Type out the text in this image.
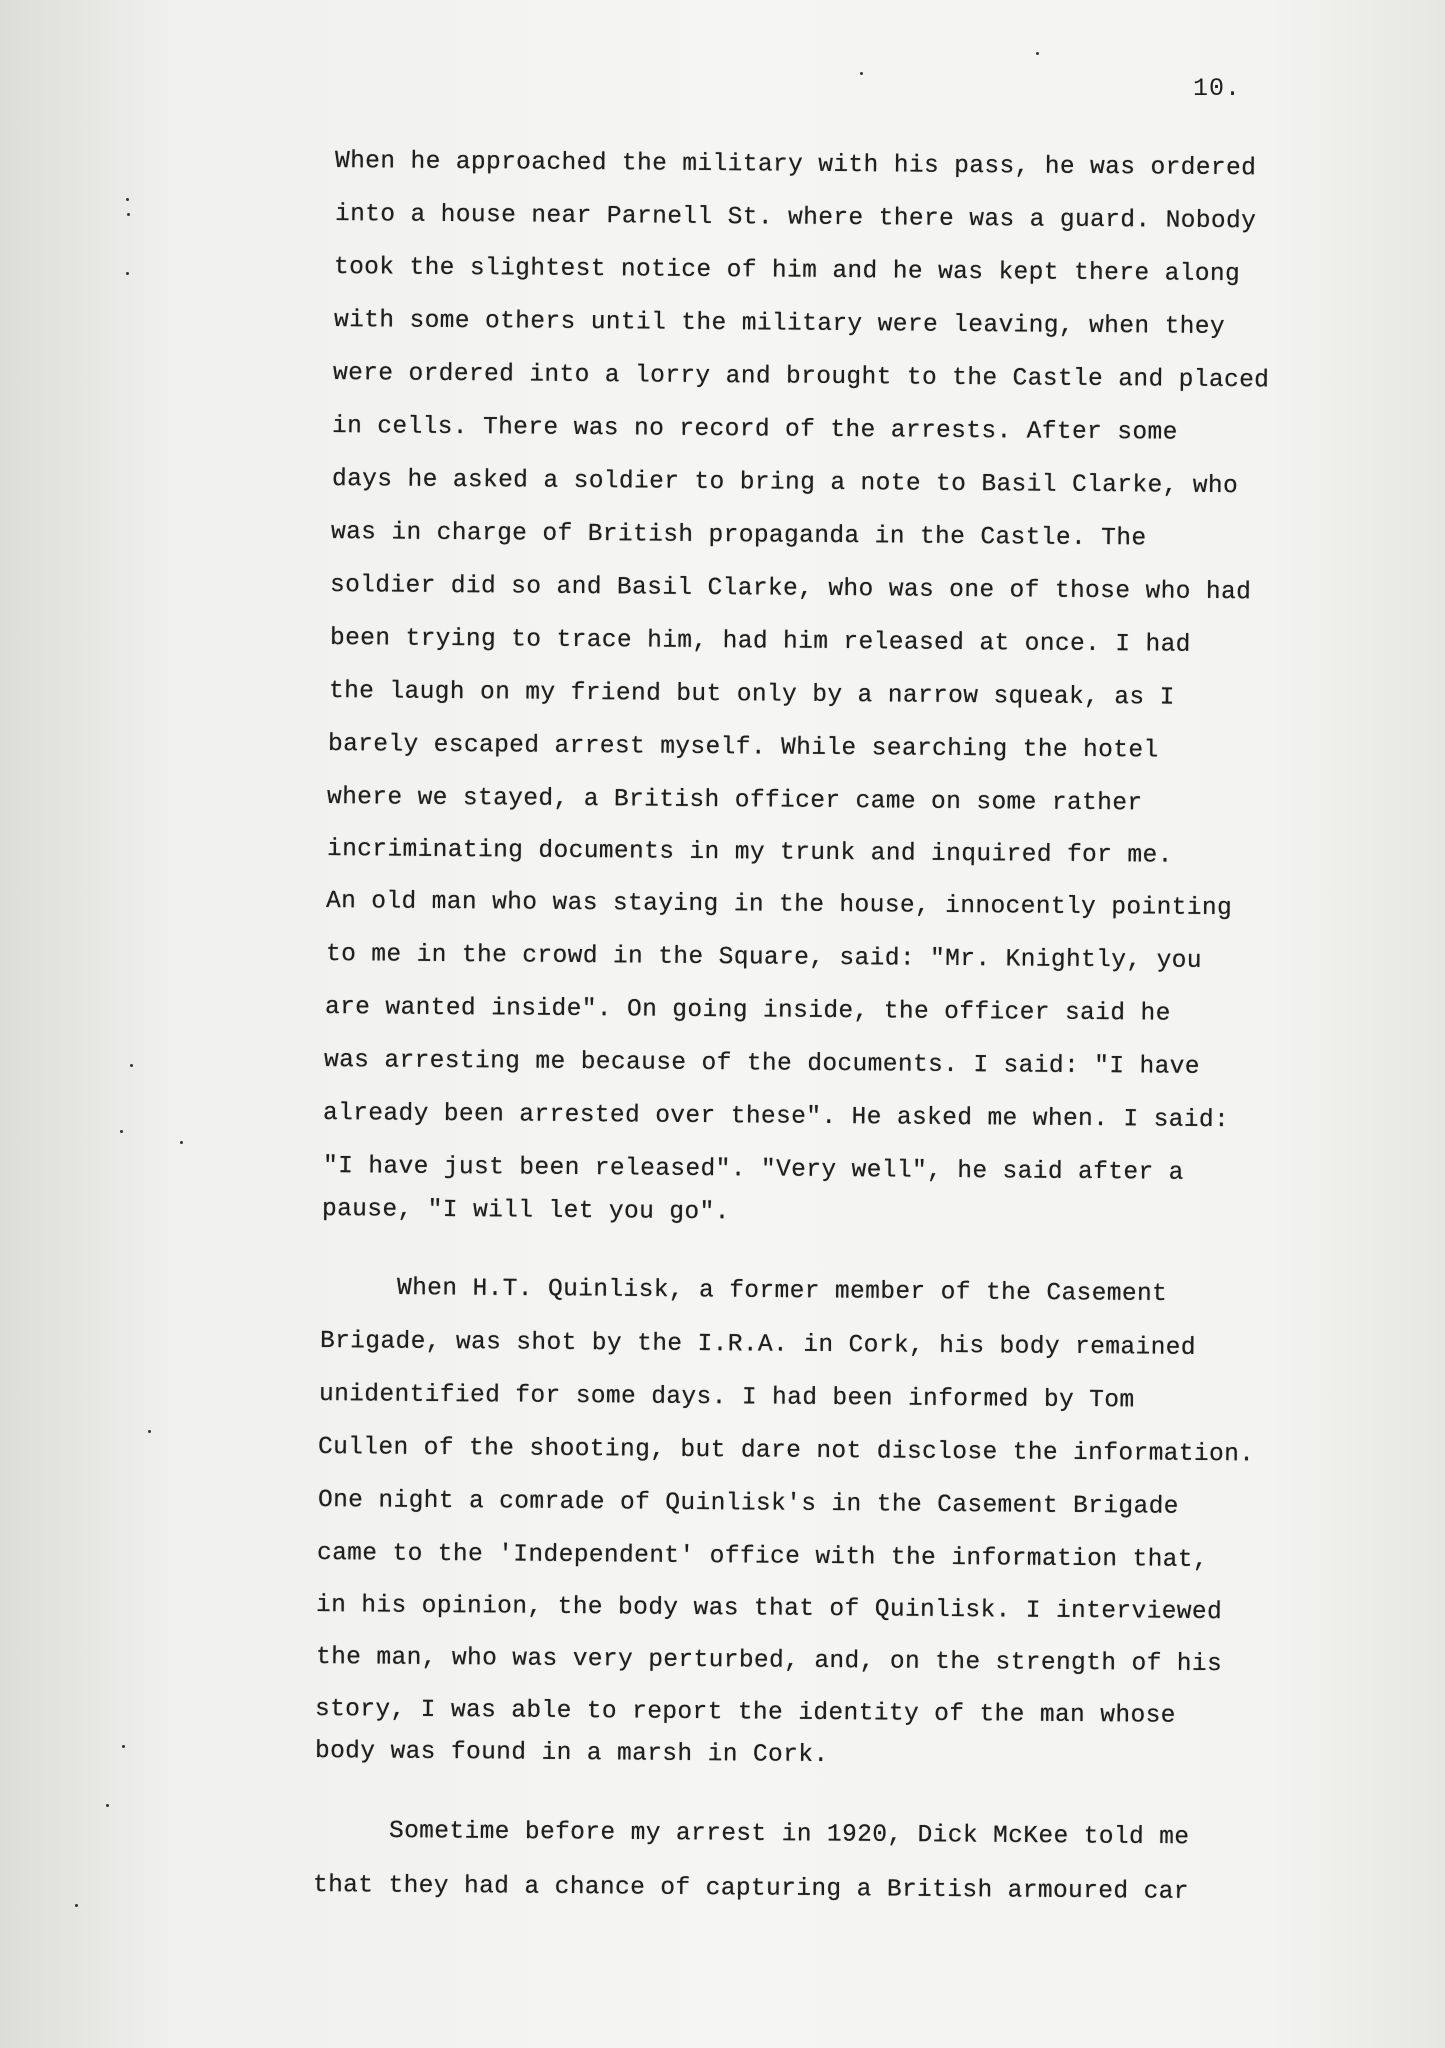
10.
When he approached the military with his pass, he was ordered
into a house near Parnell St. where there was a guard. Nobody
took the slightest notice of him and he was kept there along
with some others until the military were leaving, when they
were ordered into a lorry and brought to the Castle and placed
in cells. There was no record of the arrests. After some
days he asked a soldier to bring a note to Basil Clarke, who
was in charge of British propaganda in the Castle. The
soldier did so and Basil Clarke, who was one of those who had
been trying to trace him, had him released at once. I had
the laugh on my friend but only by a narrow squeak, as I
barely escaped arrest myself. While searching the hotel
where we stayed, a British officer came on some rather
incriminating documents in my trunk and inquired for me.
An old man who was staying in the house, innocently pointing
to me in the crowd in the Square, said: "Mr. Knightly, you
are wanted inside". On going inside, the officer said he
was arresting me because of the documents. I said: "I have
already been arrested over these". He asked me when. I said:
"I have just been released". "Very well", he said after a
pause, "I will let you go".
When H.T. Quinlisk, a former member of the Casement
Brigade, was shot by the I.R.A. in Cork, his body remained
unidentified for some days. I had been informed by Tom
Cullen of the shooting, but dare not disclose the information.
One night a comrade of Quinlisk's in the Casement Brigade
came to the 'Independent' office with the information that,
in his opinion, the body was that of Quinlisk. I interviewed
the man, who was very perturbed, and, on the strength of his
story, I was able to report the identity of the man whose
body was found in a marsh in Cork.
Sometime before my arrest in 1920, Dick McKee told me
that they had a chance of capturing a British armoured car
